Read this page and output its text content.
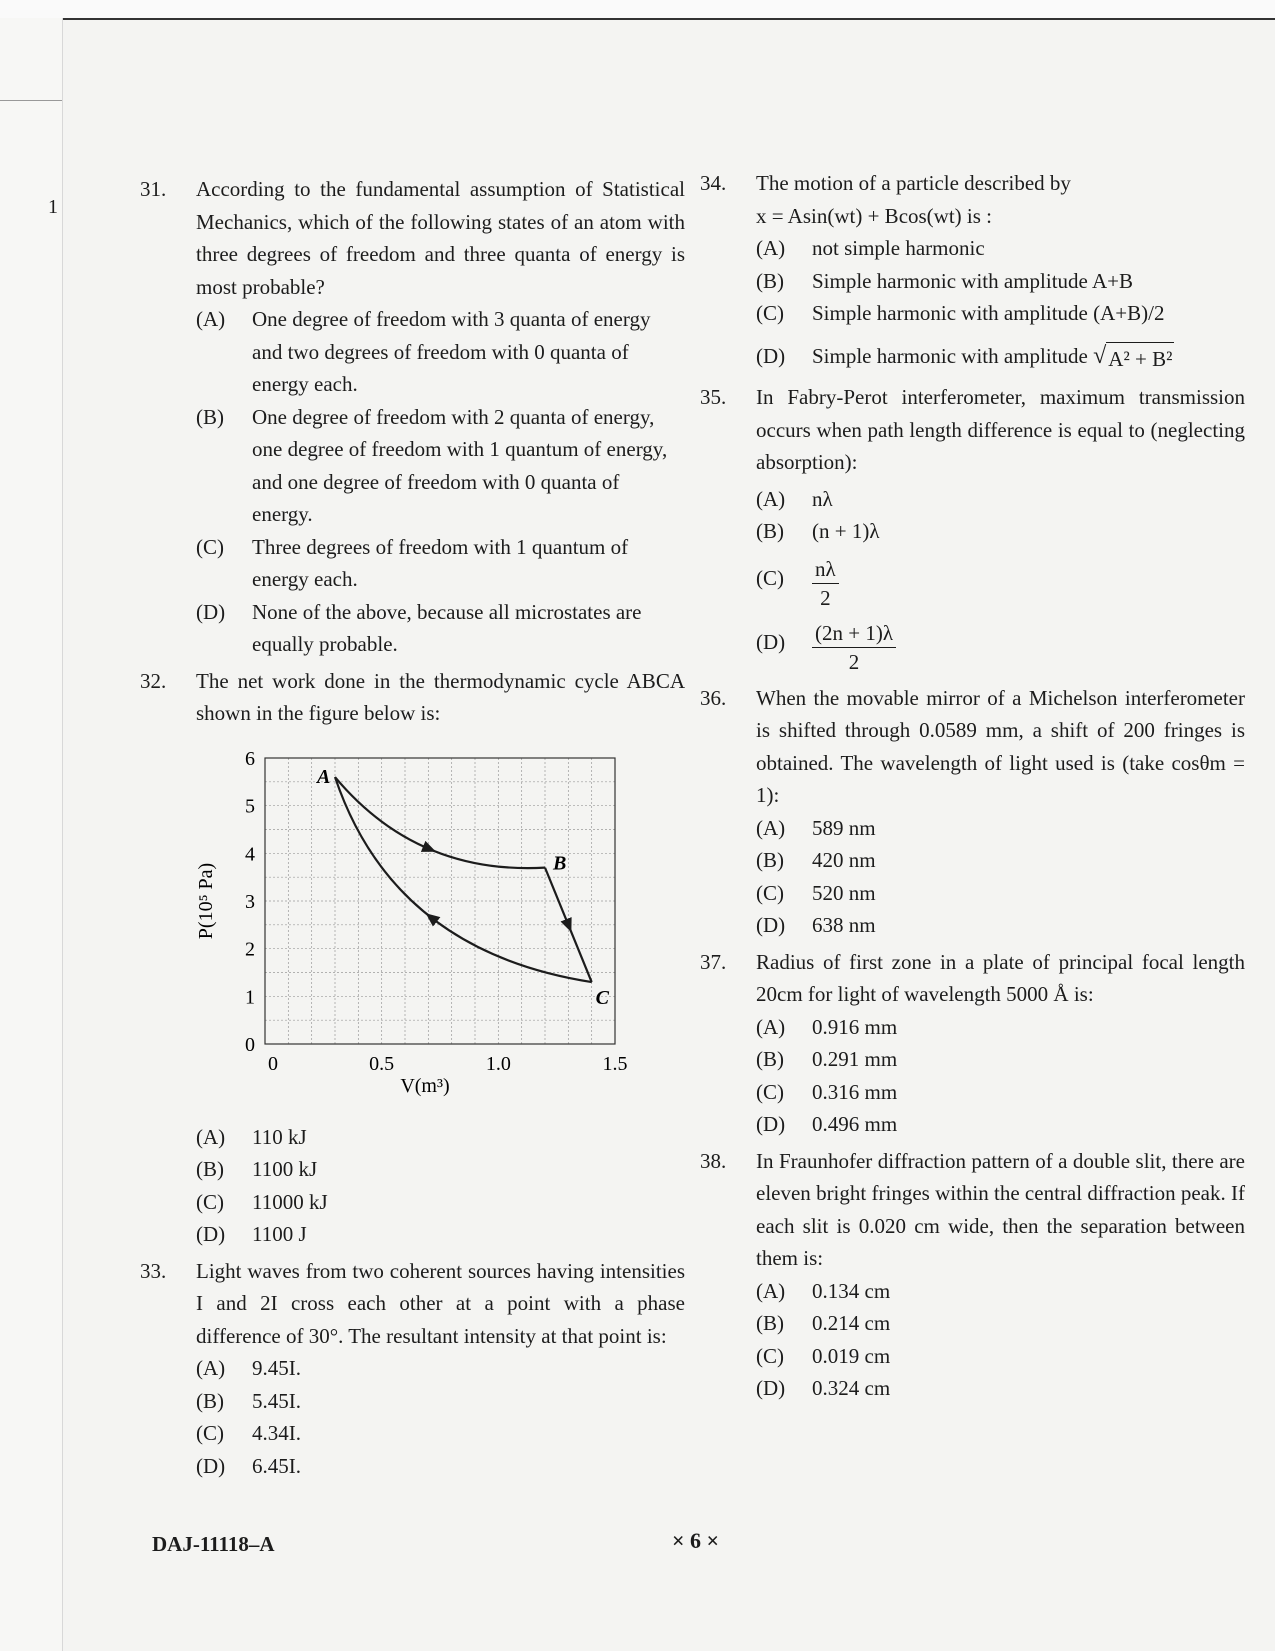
1
31. According to the fundamental assumption of Statistical Mechanics, which of the following states of an atom with three degrees of freedom and three quanta of energy is most probable?
(A) One degree of freedom with 3 quanta of energy and two degrees of freedom with 0 quanta of energy each.
(B) One degree of freedom with 2 quanta of energy, one degree of freedom with 1 quantum of energy, and one degree of freedom with 0 quanta of energy.
(C) Three degrees of freedom with 1 quantum of energy each.
(D) None of the above, because all microstates are equally probable.
32. The net work done in the thermodynamic cycle ABCA shown in the figure below is:
0
1
2
3
4
5
6
0	0.5	1.0	1.5
V(m³)
P(10⁵ Pa)
A
B
C
(A) 110 kJ
(B) 1100 kJ
(C) 11000 kJ
(D) 1100 J
33. Light waves from two coherent sources having intensities I and 2I cross each other at a point with a phase difference of 30°. The resultant intensity at that point is:
(A) 9.45I.
(B) 5.45I.
(C) 4.34I.
(D) 6.45I.
34. The motion of a particle described by
x = Asin(wt) + Bcos(wt) is :
(A) not simple harmonic
(B) Simple harmonic with amplitude A+B
(C) Simple harmonic with amplitude (A+B)/2
(D) Simple harmonic with amplitude √ A² + B²
35. In Fabry-Perot interferometer, maximum transmission occurs when path length difference is equal to (neglecting absorption):
(A) nλ
(B) (n + 1)λ
$(C) \frac{n\lambda}{2}$
$(D) \frac{(2n + 1)\lambda}{2}$
36. When the movable mirror of a Michelson interferometer is shifted through 0.0589 mm, a shift of 200 fringes is obtained. The wavelength of light used is (take cosθm = 1):
(A) 589 nm
(B) 420 nm
(C) 520 nm
(D) 638 nm
37. Radius of first zone in a plate of principal focal length 20cm for light of wavelength 5000 Å is:
(A) 0.916 mm
(B) 0.291 mm
(C) 0.316 mm
(D) 0.496 mm
38. In Fraunhofer diffraction pattern of a double slit, there are eleven bright fringes within the central diffraction peak. If each slit is 0.020 cm wide, then the separation between them is:
(A) 0.134 cm
(B) 0.214 cm
(C) 0.019 cm
(D) 0.324 cm
DAJ-11118–A	× 6 ×
